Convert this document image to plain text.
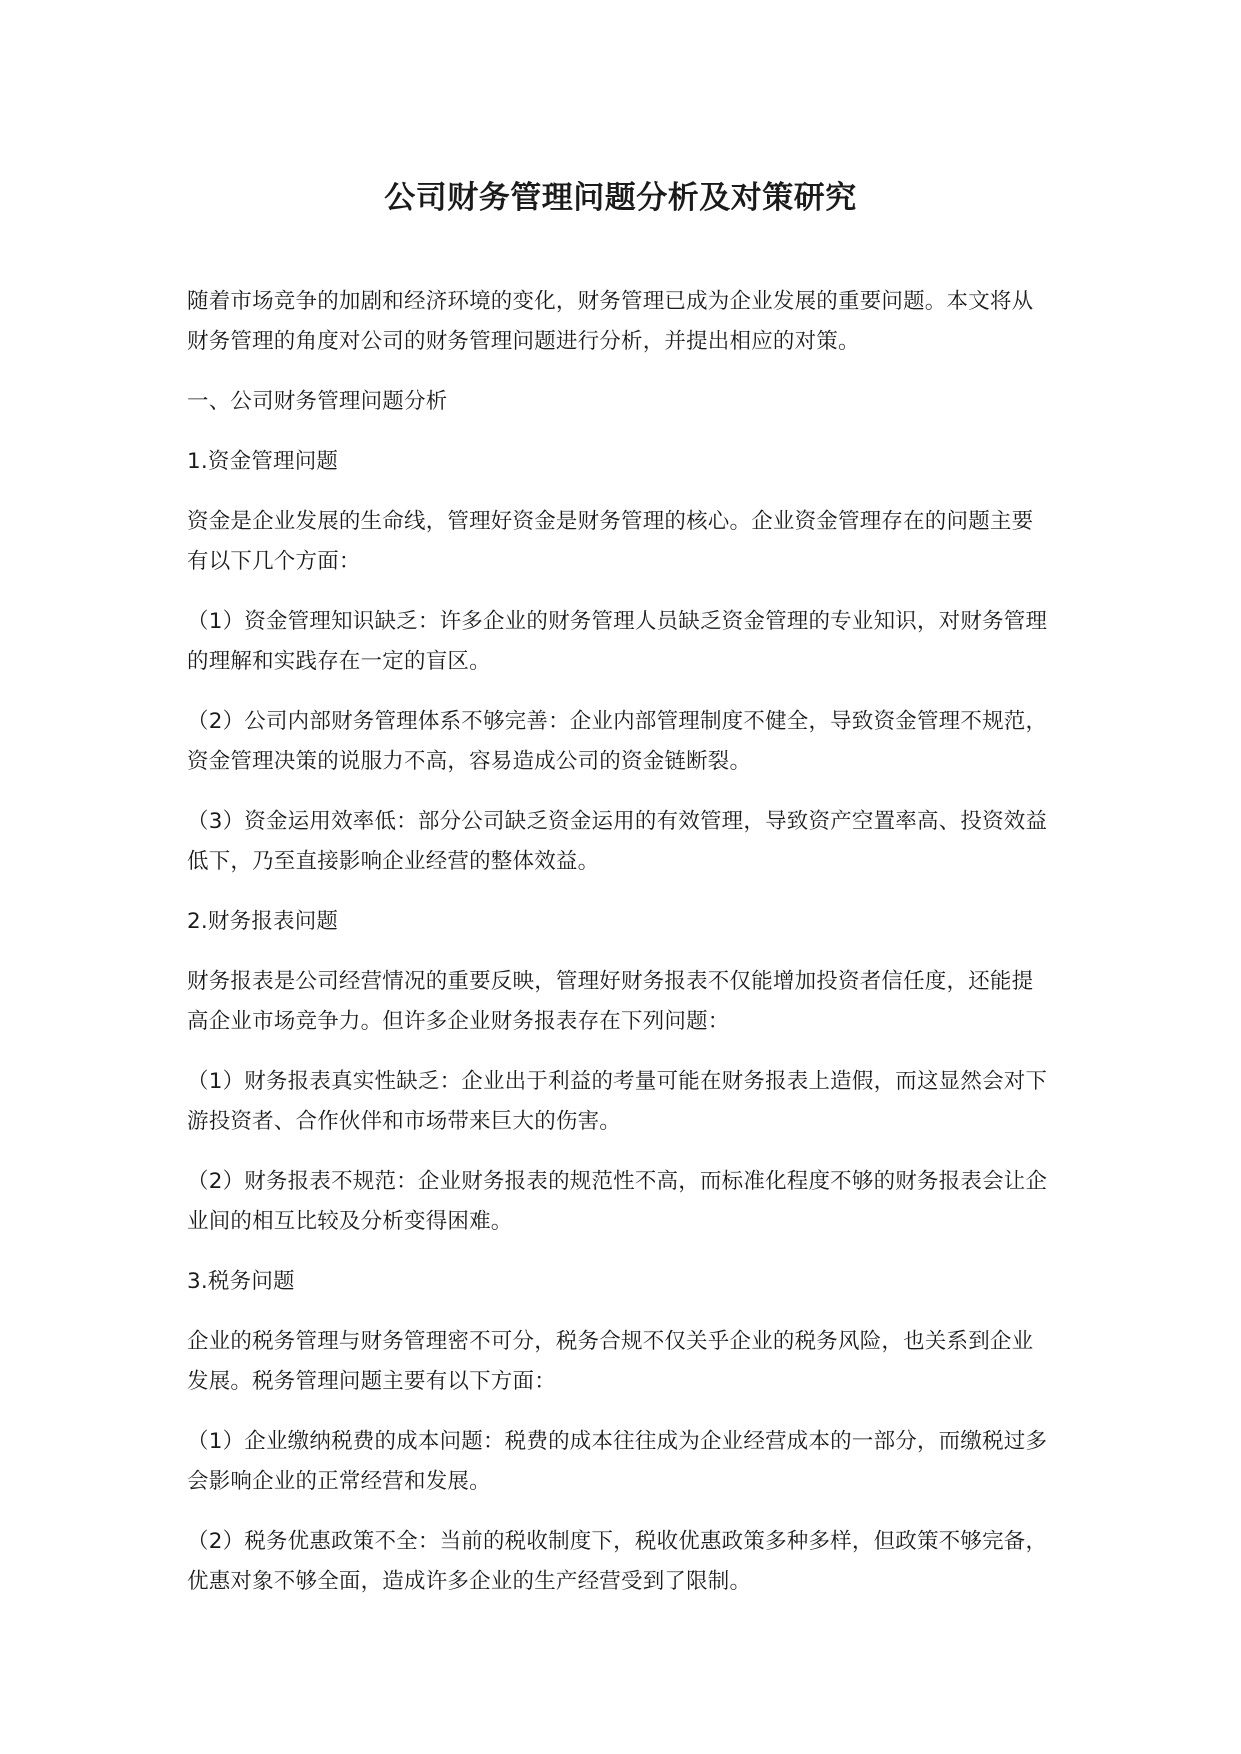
公司财务管理问题分析及对策研究

随着市场竞争的加剧和经济环境的变化，财务管理已成为企业发展的重要问题。本文将从财务管理的角度对公司的财务管理问题进行分析，并提出相应的对策。

一、公司财务管理问题分析

1.资金管理问题

资金是企业发展的生命线，管理好资金是财务管理的核心。企业资金管理存在的问题主要有以下几个方面：

（1）资金管理知识缺乏：许多企业的财务管理人员缺乏资金管理的专业知识，对财务管理的理解和实践存在一定的盲区。

（2）公司内部财务管理体系不够完善：企业内部管理制度不健全，导致资金管理不规范，资金管理决策的说服力不高，容易造成公司的资金链断裂。

（3）资金运用效率低：部分公司缺乏资金运用的有效管理，导致资产空置率高、投资效益低下，乃至直接影响企业经营的整体效益。

2.财务报表问题

财务报表是公司经营情况的重要反映，管理好财务报表不仅能增加投资者信任度，还能提高企业市场竞争力。但许多企业财务报表存在下列问题：

（1）财务报表真实性缺乏：企业出于利益的考量可能在财务报表上造假，而这显然会对下游投资者、合作伙伴和市场带来巨大的伤害。

（2）财务报表不规范：企业财务报表的规范性不高，而标准化程度不够的财务报表会让企业间的相互比较及分析变得困难。

3.税务问题

企业的税务管理与财务管理密不可分，税务合规不仅关乎企业的税务风险，也关系到企业发展。税务管理问题主要有以下方面：

（1）企业缴纳税费的成本问题：税费的成本往往成为企业经营成本的一部分，而缴税过多会影响企业的正常经营和发展。

（2）税务优惠政策不全：当前的税收制度下，税收优惠政策多种多样，但政策不够完备，优惠对象不够全面，造成许多企业的生产经营受到了限制。
